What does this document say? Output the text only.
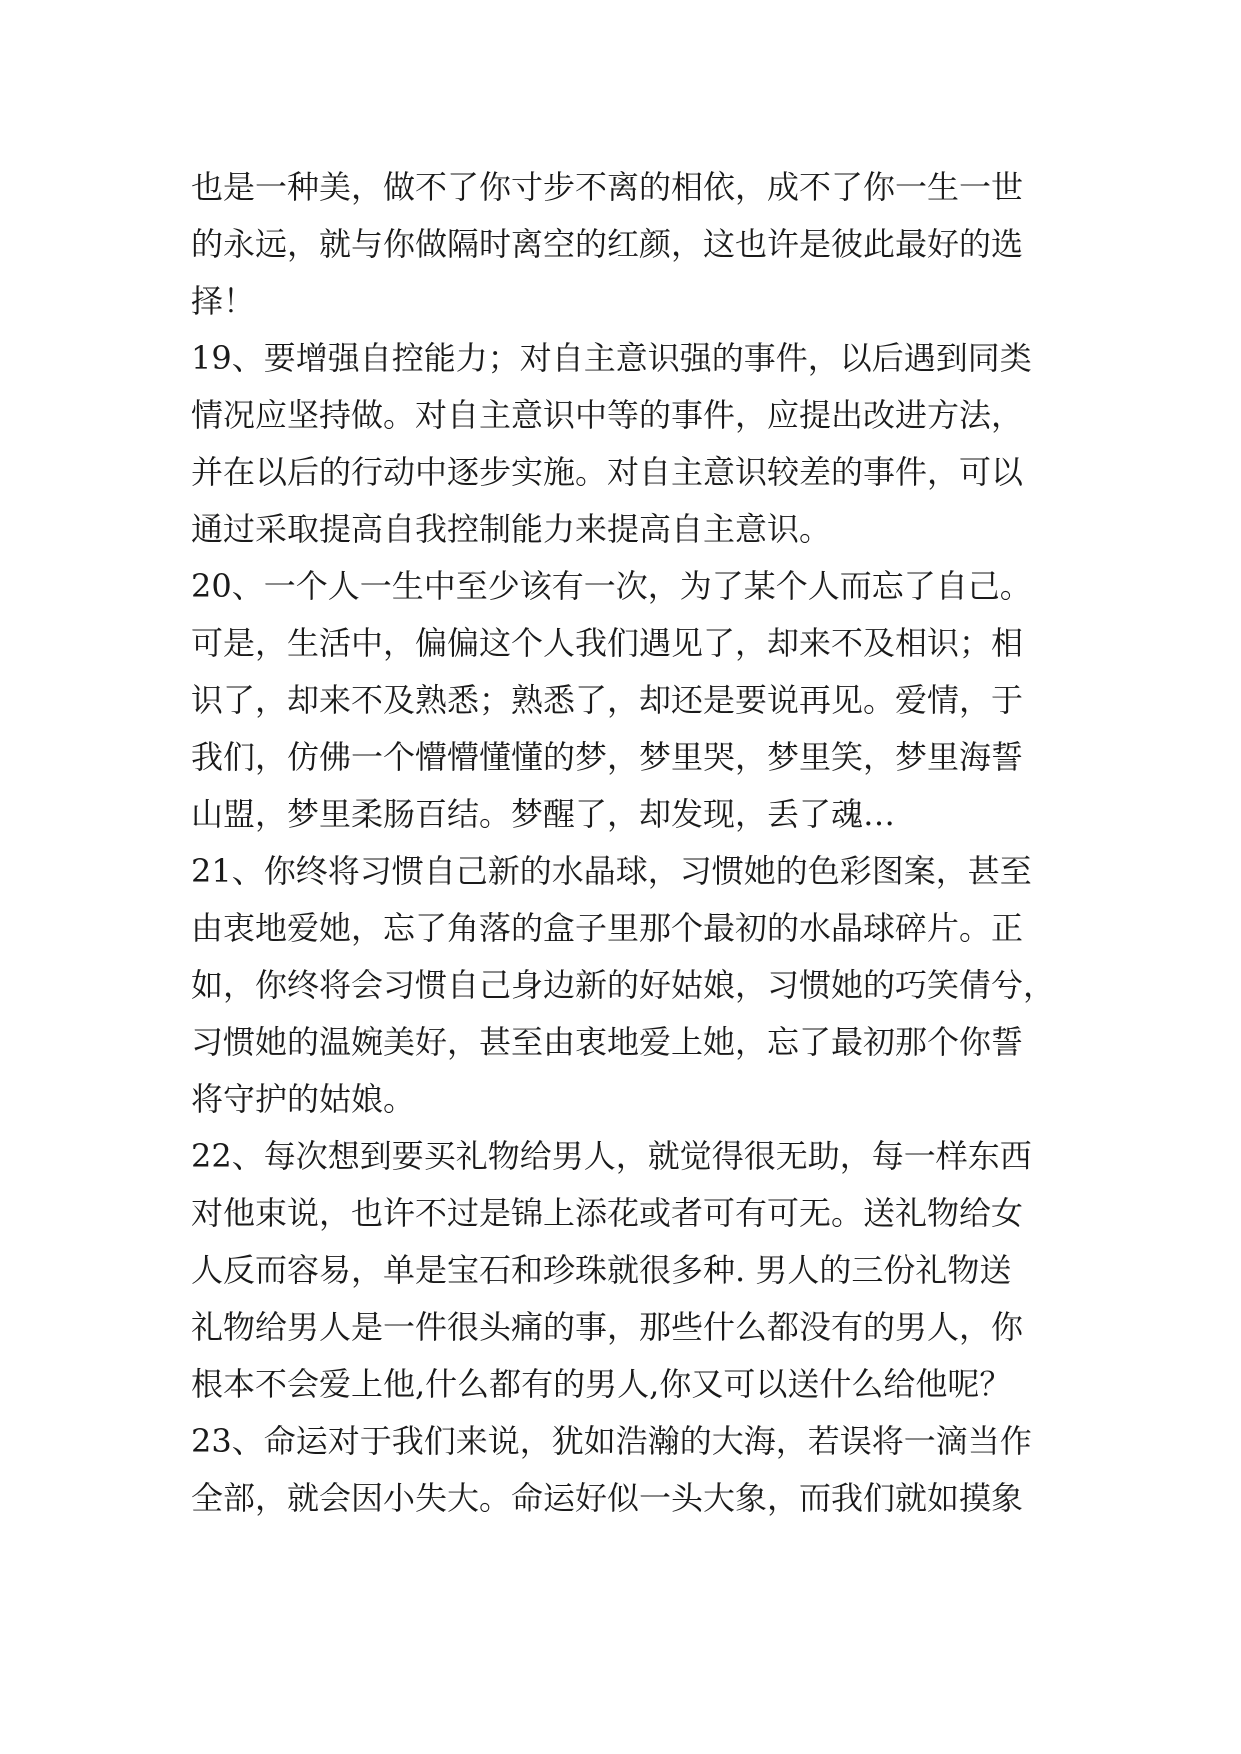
也是一种美，做不了你寸步不离的相依，成不了你一生一世
的永远，就与你做隔时离空的红颜，这也许是彼此最好的选
择！
19、要增强自控能力；对自主意识强的事件，以后遇到同类
情况应坚持做。对自主意识中等的事件，应提出改进方法，
并在以后的行动中逐步实施。对自主意识较差的事件，可以
通过采取提高自我控制能力来提高自主意识。
20、一个人一生中至少该有一次，为了某个人而忘了自己。
可是，生活中，偏偏这个人我们遇见了，却来不及相识；相
识了，却来不及熟悉；熟悉了，却还是要说再见。爱情，于
我们，仿佛一个懵懵懂懂的梦，梦里哭，梦里笑，梦里海誓
山盟，梦里柔肠百结。梦醒了，却发现，丢了魂…
21、你终将习惯自己新的水晶球，习惯她的色彩图案，甚至
由衷地爱她，忘了角落的盒子里那个最初的水晶球碎片。正
如，你终将会习惯自己身边新的好姑娘，习惯她的巧笑倩兮，
习惯她的温婉美好，甚至由衷地爱上她，忘了最初那个你誓
将守护的姑娘。
22、每次想到要买礼物给男人，就觉得很无助，每一样东西
对他束说，也许不过是锦上添花或者可有可无。送礼物给女
人反而容易，单是宝石和珍珠就很多种. 男人的三份礼物送
礼物给男人是一件很头痛的事，那些什么都没有的男人，你
根本不会爱上他,什么都有的男人,你又可以送什么给他呢？
23、命运对于我们来说，犹如浩瀚的大海，若误将一滴当作
全部，就会因小失大。命运好似一头大象，而我们就如摸象
